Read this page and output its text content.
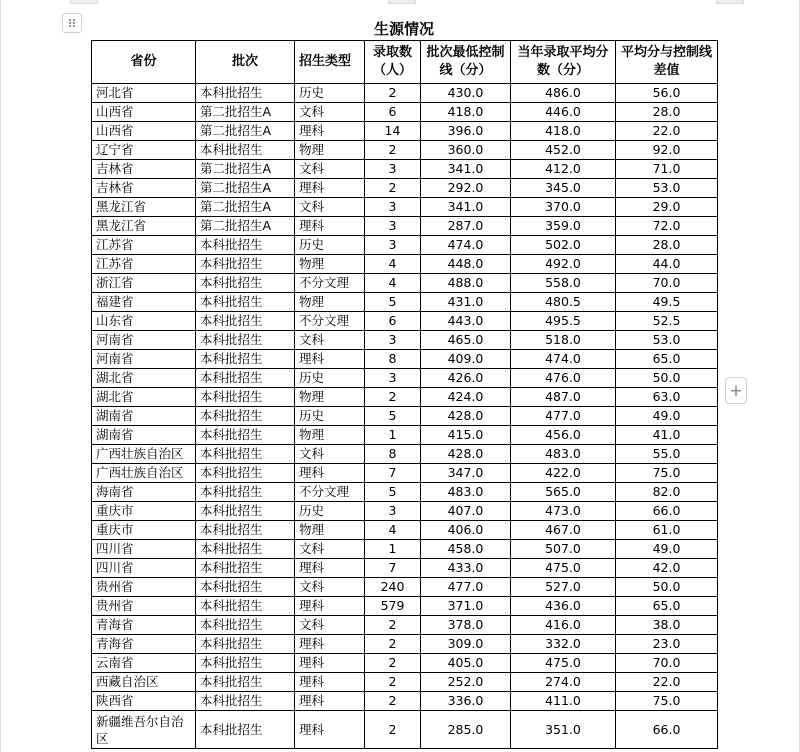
+
生源情况
省份	批次	招生类型	录取数（人）	批次最低控制线（分）	当年录取平均分数（分）	平均分与控制线差值
河北省	本科批招生	历史	2	430.0	486.0	56.0
山西省	第二批招生A	文科	6	418.0	446.0	28.0
山西省	第二批招生A	理科	14	396.0	418.0	22.0
辽宁省	本科批招生	物理	2	360.0	452.0	92.0
吉林省	第二批招生A	文科	3	341.0	412.0	71.0
吉林省	第二批招生A	理科	2	292.0	345.0	53.0
黑龙江省	第二批招生A	文科	3	341.0	370.0	29.0
黑龙江省	第二批招生A	理科	3	287.0	359.0	72.0
江苏省	本科批招生	历史	3	474.0	502.0	28.0
江苏省	本科批招生	物理	4	448.0	492.0	44.0
浙江省	本科批招生	不分文理	4	488.0	558.0	70.0
福建省	本科批招生	物理	5	431.0	480.5	49.5
山东省	本科批招生	不分文理	6	443.0	495.5	52.5
河南省	本科批招生	文科	3	465.0	518.0	53.0
河南省	本科批招生	理科	8	409.0	474.0	65.0
湖北省	本科批招生	历史	3	426.0	476.0	50.0
湖北省	本科批招生	物理	2	424.0	487.0	63.0
湖南省	本科批招生	历史	5	428.0	477.0	49.0
湖南省	本科批招生	物理	1	415.0	456.0	41.0
广西壮族自治区	本科批招生	文科	8	428.0	483.0	55.0
广西壮族自治区	本科批招生	理科	7	347.0	422.0	75.0
海南省	本科批招生	不分文理	5	483.0	565.0	82.0
重庆市	本科批招生	历史	3	407.0	473.0	66.0
重庆市	本科批招生	物理	4	406.0	467.0	61.0
四川省	本科批招生	文科	1	458.0	507.0	49.0
四川省	本科批招生	理科	7	433.0	475.0	42.0
贵州省	本科批招生	文科	240	477.0	527.0	50.0
贵州省	本科批招生	理科	579	371.0	436.0	65.0
青海省	本科批招生	文科	2	378.0	416.0	38.0
青海省	本科批招生	理科	2	309.0	332.0	23.0
云南省	本科批招生	理科	2	405.0	475.0	70.0
西藏自治区	本科批招生	理科	2	252.0	274.0	22.0
陕西省	本科批招生	理科	2	336.0	411.0	75.0
新疆维吾尔自治区	本科批招生	理科	2	285.0	351.0	66.0
